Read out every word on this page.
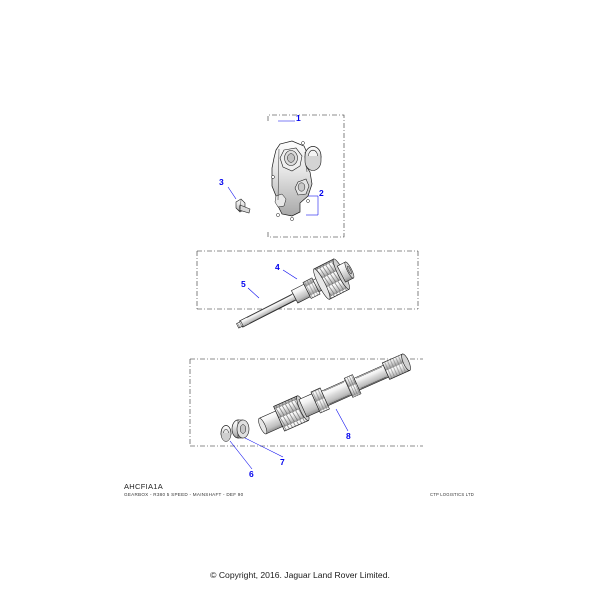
1
2
3
4
5
6
7
8
AHCFIA1A
GEARBOX - R380 5 SPEED - MAINSHAFT - DEF 90	CTP LOGISTICS LTD
© Copyright, 2016. Jaguar Land Rover Limited.
